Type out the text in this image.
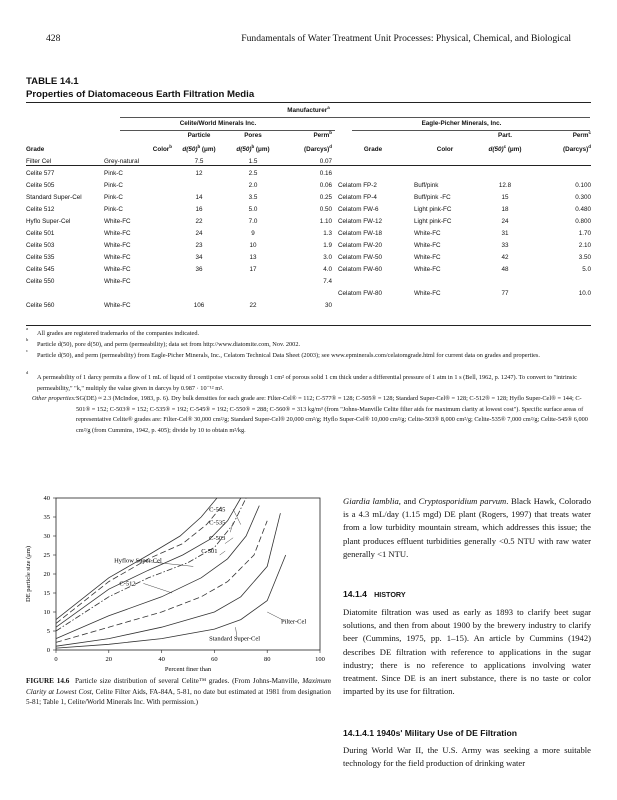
428	Fundamentals of Water Treatment Unit Processes: Physical, Chemical, and Biological
TABLE 14.1
Properties of Diatomaceous Earth Filtration Media
Manufacturer$^a$
	Celite/World Minerals Inc.				Eagle-Picher Minerals, Inc.			
		Particle	Pores	Perm$^b$			Part.	Perm$^c$
Grade	Color$^b$	$d(50)^b$ (μm)	$d(50)^b$ (μm)	(Darcys)$^d$	Grade	Color	$d(50)^c$ (μm)	(Darcys)$^d$
Filter Cel	Grey-natural	7.5	1.5	0.07				
Celite 577	Pink-C	12	2.5	0.16				
Celite 505	Pink-C		2.0	0.06	Celatom FP-2	Buff/pink	12.8	0.100
Standard Super-Cel	Pink-C	14	3.5	0.25	Celatom FP-4	Buff/pink -FC	15	0.300
Celite 512	Pink-C	16	5.0	0.50	Celatom FW-6	Light pink-FC	18	0.480
Hyflo Super-Cel	White-FC	22	7.0	1.10	Celatom FW-12	Light pink-FC	24	0.800
Celite 501	White-FC	24	9	1.3	Celatom FW-18	White-FC	31	1.70
Celite 503	White-FC	23	10	1.9	Celatom FW-20	White-FC	33	2.10
Celite 535	White-FC	34	13	3.0	Celatom FW-50	White-FC	42	3.50
Celite 545	White-FC	36	17	4.0	Celatom FW-60	White-FC	48	5.0
Celite 550	White-FC			7.4				
					Celatom FW-80	White-FC	77	10.0
Celite 560	White-FC	106	22	30				
a
All grades are registered trademarks of the companies indicated.
b
Particle d(50), pore d(50), and perm (permeability); data set from http://www.diatomite.com, Nov. 2002.
c
Particle d(50), and perm (permeability) from Eagle-Picher Minerals, Inc., Celatom Technical Data Sheet (2003); see www.epminerals.com/celatomgrade.html for current data on grades and properties.
d
A permeability of 1 darcy permits a flow of 1 mL of liquid of 1 centipoise viscosity through 1 cm² of porous solid 1 cm thick under a differential pressure of 1 atm in 1 s (Bell, 1962, p. 1247). To convert to "intrinsic permeability," "k," multiply the value given in darcys by 0.987 · 10⁻¹² m².
Other properties: SG(DE) ≈ 2.3 (McIndoe, 1983, p. 6). Dry bulk densities for each grade are: Filter-Cel® = 112; C-577® = 128; C-505® = 128; Standard Super-Cel® = 128; C-512® = 128; Hyflo Super-Cel® = 144; C-501® = 152; C-503® = 152; C-535® = 192; C-545® = 192; C-550® = 288; C-560® = 313 kg/m³ (from "Johns-Manville Celite filter aids for maximum clarity at lowest cost"). Specific surface areas of representative Celite® grades are: Filter-Cel® 30,000 cm²/g; Standard Super-Cel® 20,000 cm²/g; Hyflo Super-Cel® 10,000 cm²/g; Celite-503® 8,000 cm²/g; Celite-535® 7,000 cm²/g; Celite-545® 6,000 cm²/g (from Cummins, 1942, p. 405); divide by 10 to obtain m²/kg.
0	20	40	60	80	100
0
5
10
15
20
25
30
35
40
Percent finer than
DE particle size (μm)
C-545
C-535
C-503
C-501
Hyflow Super-Cel
C-512
Filter-Cel
Standard Super-Cel
FIGURE 14.6 Particle size distribution of several Celite™ grades. (From Johns-Manville, Maximum Clarity at Lowest Cost, Celite Filter Aids, FA-84A, 5-81, no date but estimated at 1981 from designation 5-81; Table 1, Celite/World Minerals Inc. With permission.)
Giardia lamblia, and Cryptosporidium parvum. Black Hawk, Colorado is a 4.3 mL/day (1.15 mgd) DE plant (Rogers, 1997) that treats water from a low turbidity mountain stream, which addresses this issue; the plant produces effluent turbidities generally <0.5 NTU with raw water generally <1 NTU.
14.1.4 HISTORY
Diatomite filtration was used as early as 1893 to clarify beet sugar solutions, and then from about 1900 by the brewery industry to clarify beer (Cummins, 1975, pp. 1–15). An article by Cummins (1942) describes DE filtration with reference to applications in the sugar industry; there is no reference to applications involving water treatment. Since DE is an inert substance, there is no taste or color imparted by its use for filtration.
14.1.4.1 1940s' Military Use of DE Filtration
During World War II, the U.S. Army was seeking a more suitable technology for the field production of drinking water
